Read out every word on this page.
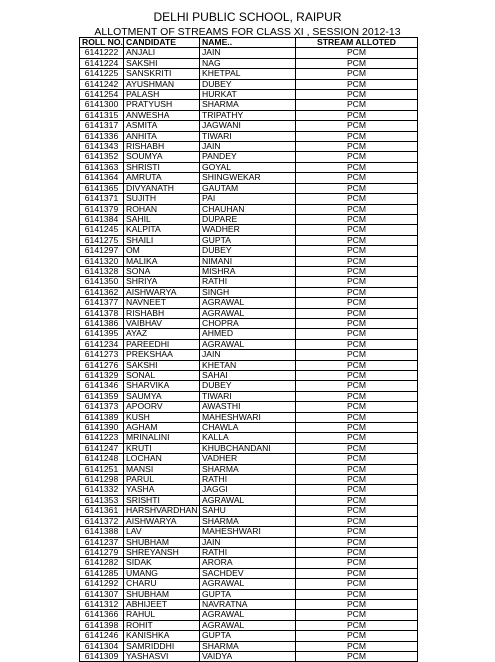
DELHI PUBLIC SCHOOL, RAIPUR
ALLOTMENT OF STREAMS FOR CLASS XI , SESSION 2012-13
ROLL NO.	CANDIDATE	NAME..	STREAM ALLOTED
6141222	ANJALI	JAIN	PCM
6141224	SAKSHI	NAG	PCM
6141225	SANSKRITI	KHETPAL	PCM
6141242	AYUSHMAN	DUBEY	PCM
6141254	PALASH	HURKAT	PCM
6141300	PRATYUSH	SHARMA	PCM
6141315	ANWESHA	TRIPATHY	PCM
6141317	ASMITA	JAGWANI	PCM
6141336	ANHITA	TIWARI	PCM
6141343	RISHABH	JAIN	PCM
6141352	SOUMYA	PANDEY	PCM
6141363	SHRISTI	GOYAL	PCM
6141364	AMRUTA	SHINGWEKAR	PCM
6141365	DIVYANATH	GAUTAM	PCM
6141371	SUJITH	PAI	PCM
6141379	ROHAN	CHAUHAN	PCM
6141384	SAHIL	DUPARE	PCM
6141245	KALPITA	WADHER	PCM
6141275	SHAILI	GUPTA	PCM
6141297	OM	DUBEY	PCM
6141320	MALIKA	NIMANI	PCM
6141328	SONA	MISHRA	PCM
6141350	SHRIYA	RATHI	PCM
6141362	AISHWARYA	SINGH	PCM
6141377	NAVNEET	AGRAWAL	PCM
6141378	RISHABH	AGRAWAL	PCM
6141386	VAIBHAV	CHOPRA	PCM
6141395	AYAZ	AHMED	PCM
6141234	PAREEDHI	AGRAWAL	PCM
6141273	PREKSHAA	JAIN	PCM
6141276	SAKSHI	KHETAN	PCM
6141329	SONAL	SAHAI	PCM
6141346	SHARVIKA	DUBEY	PCM
6141359	SAUMYA	TIWARI	PCM
6141373	APOORV	AWASTHI	PCM
6141389	KUSH	MAHESHWARI	PCM
6141390	AGHAM	CHAWLA	PCM
6141223	MRINALINI	KALLA	PCM
6141247	KRUTI	KHUBCHANDANI	PCM
6141248	LOCHAN	VADHER	PCM
6141251	MANSI	SHARMA	PCM
6141298	PARUL	RATHI	PCM
6141332	YASHA	JAGGI	PCM
6141353	SRISHTI	AGRAWAL	PCM
6141361	HARSHVARDHAN	SAHU	PCM
6141372	AISHWARYA	SHARMA	PCM
6141388	LAV	MAHESHWARI	PCM
6141237	SHUBHAM	JAIN	PCM
6141279	SHREYANSH	RATHI	PCM
6141282	SIDAK	ARORA	PCM
6141285	UMANG	SACHDEV	PCM
6141292	CHARU	AGRAWAL	PCM
6141307	SHUBHAM	GUPTA	PCM
6141312	ABHIJEET	NAVRATNA	PCM
6141366	RAHUL	AGRAWAL	PCM
6141398	ROHIT	AGRAWAL	PCM
6141246	KANISHKA	GUPTA	PCM
6141304	SAMRIDDHI	SHARMA	PCM
6141309	YASHASVI	VAIDYA	PCM
